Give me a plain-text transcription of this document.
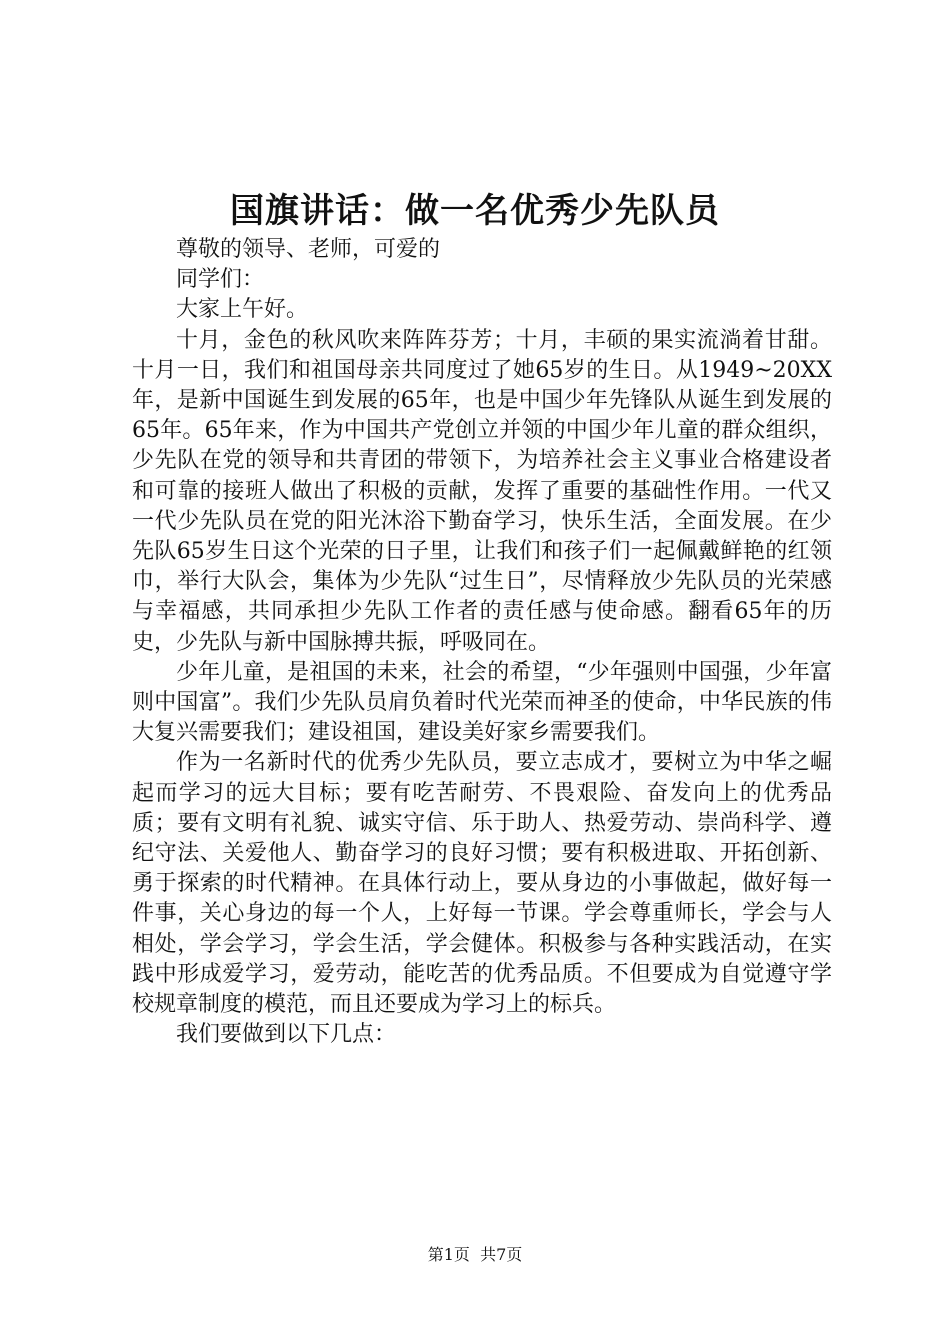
国旗讲话：做一名优秀少先队员

尊敬的领导、老师，可爱的

同学们：

大家上午好。

十月，金色的秋风吹来阵阵芬芳；十月，丰硕的果实流淌着甘甜。十月一日，我们和祖国母亲共同度过了她65岁的生日。从1949~20XX年，是新中国诞生到发展的65年，也是中国少年先锋队从诞生到发展的65年。65年来，作为中国共产党创立并领的中国少年儿童的群众组织，少先队在党的领导和共青团的带领下，为培养社会主义事业合格建设者和可靠的接班人做出了积极的贡献，发挥了重要的基础性作用。一代又一代少先队员在党的阳光沐浴下勤奋学习，快乐生活，全面发展。在少先队65岁生日这个光荣的日子里，让我们和孩子们一起佩戴鲜艳的红领巾，举行大队会，集体为少先队“过生日”，尽情释放少先队员的光荣感与幸福感，共同承担少先队工作者的责任感与使命感。翻看65年的历史，少先队与新中国脉搏共振，呼吸同在。

少年儿童，是祖国的未来，社会的希望，“少年强则中国强，少年富则中国富”。我们少先队员肩负着时代光荣而神圣的使命，中华民族的伟大复兴需要我们；建设祖国，建设美好家乡需要我们。

作为一名新时代的优秀少先队员，要立志成才，要树立为中华之崛起而学习的远大目标；要有吃苦耐劳、不畏艰险、奋发向上的优秀品质；要有文明有礼貌、诚实守信、乐于助人、热爱劳动、崇尚科学、遵纪守法、关爱他人、勤奋学习的良好习惯；要有积极进取、开拓创新、勇于探索的时代精神。在具体行动上，要从身边的小事做起，做好每一件事，关心身边的每一个人，上好每一节课。学会尊重师长，学会与人相处，学会学习，学会生活，学会健体。积极参与各种实践活动，在实践中形成爱学习，爱劳动，能吃苦的优秀品质。不但要成为自觉遵守学校规章制度的模范，而且还要成为学习上的标兵。

我们要做到以下几点：

第1页  共7页
